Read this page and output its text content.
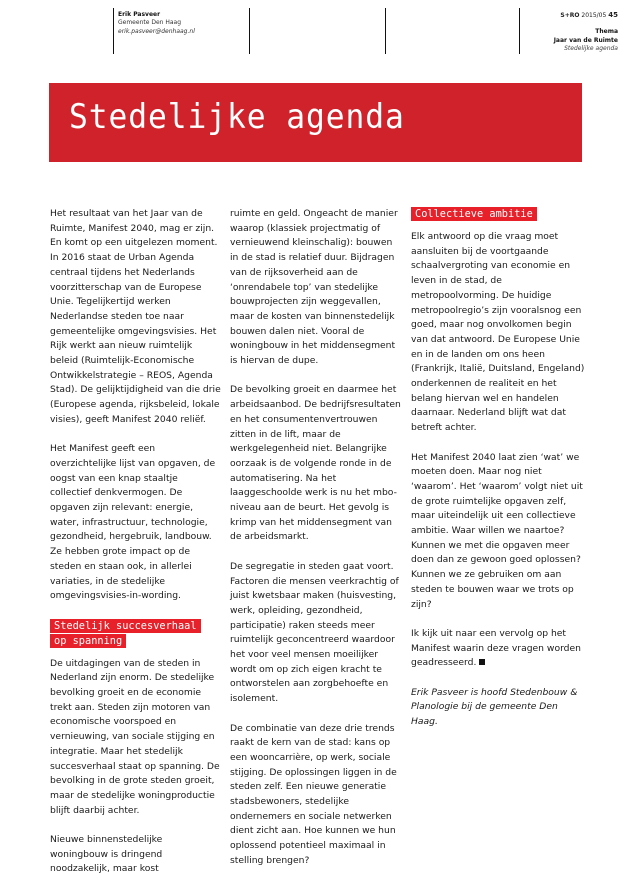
Erik Pasveer
Gemeente Den Haag
erik.pasveer@denhaag.nl
S+RO 2015/05 45
Thema
Jaar van de Ruimte
Stedelijke agenda
Stedelijke agenda

Het resultaat van het Jaar van de Ruimte, Manifest 2040, mag er zijn. En komt op een uitgelezen moment. In 2016 staat de Urban Agenda centraal tijdens het Nederlands voorzitterschap van de Europese Unie. Tegelijkertijd werken Nederlandse steden toe naar gemeentelijke omgevingsvisies. Het Rijk werkt aan nieuw ruimtelijk beleid (Ruimtelijk-Economische Ontwikkelstrategie – REOS, Agenda Stad). De gelijktijdigheid van die drie (Europese agenda, rijksbeleid, lokale visies), geeft Manifest 2040 reliëf.

Het Manifest geeft een overzichtelijke lijst van opgaven, de oogst van een knap staaltje collectief denkvermogen. De opgaven zijn relevant: energie, water, infrastructuur, technologie, gezondheid, hergebruik, landbouw. Ze hebben grote impact op de steden en staan ook, in allerlei variaties, in de stedelijke omgevingsvisies-in-wording.

Stedelijk succesverhaal
op spanning

De uitdagingen van de steden in Nederland zijn enorm. De stedelijke bevolking groeit en de economie trekt aan. Steden zijn motoren van economische voorspoed en vernieuwing, van sociale stijging en integratie. Maar het stedelijk succesverhaal staat op spanning. De bevolking in de grote steden groeit, maar de stedelijke woningproductie blijft daarbij achter.

Nieuwe binnenstedelijke woningbouw is dringend noodzakelijk, maar kost

ruimte en geld. Ongeacht de manier waarop (klassiek projectmatig of vernieuwend kleinschalig): bouwen in de stad is relatief duur. Bijdragen van de rijksoverheid aan de ‘onrendabele top’ van stedelijke bouwprojecten zijn weggevallen, maar de kosten van binnenstedelijk bouwen dalen niet. Vooral de woningbouw in het middensegment is hiervan de dupe.

De bevolking groeit en daarmee het arbeidsaanbod. De bedrijfsresultaten en het consumentenvertrouwen zitten in de lift, maar de werkgelegenheid niet. Belangrijke oorzaak is de volgende ronde in de automatisering. Na het laaggeschoolde werk is nu het mbo-niveau aan de beurt. Het gevolg is krimp van het middensegment van de arbeidsmarkt.

De segregatie in steden gaat voort. Factoren die mensen veerkrachtig of juist kwetsbaar maken (huisvesting, werk, opleiding, gezondheid, participatie) raken steeds meer ruimtelijk geconcentreerd waardoor het voor veel mensen moeilijker wordt om op zich eigen kracht te ontworstelen aan zorgbehoefte en isolement.

De combinatie van deze drie trends raakt de kern van de stad: kans op een wooncarrière, op werk, sociale stijging. De oplossingen liggen in de steden zelf. Een nieuwe generatie stadsbewoners, stedelijke ondernemers en sociale netwerken dient zicht aan. Hoe kunnen we hun oplossend potentieel maximaal in stelling brengen?

Collectieve ambitie

Elk antwoord op die vraag moet aansluiten bij de voortgaande schaalvergroting van economie en leven in de stad, de metropoolvorming. De huidige metropoolregio’s zijn vooralsnog een goed, maar nog onvolkomen begin van dat antwoord. De Europese Unie en in de landen om ons heen (Frankrijk, Italië, Duitsland, Engeland) onderkennen de realiteit en het belang hiervan wel en handelen daarnaar. Nederland blijft wat dat betreft achter.

Het Manifest 2040 laat zien ‘wat’ we moeten doen. Maar nog niet ‘waarom’. Het ‘waarom’ volgt niet uit de grote ruimtelijke opgaven zelf, maar uiteindelijk uit een collectieve ambitie. Waar willen we naartoe? Kunnen we met die opgaven meer doen dan ze gewoon goed oplossen? Kunnen we ze gebruiken om aan steden te bouwen waar we trots op zijn?

Ik kijk uit naar een vervolg op het Manifest waarin deze vragen worden geadresseerd.

Erik Pasveer is hoofd Stedenbouw & Planologie bij de gemeente Den Haag.
